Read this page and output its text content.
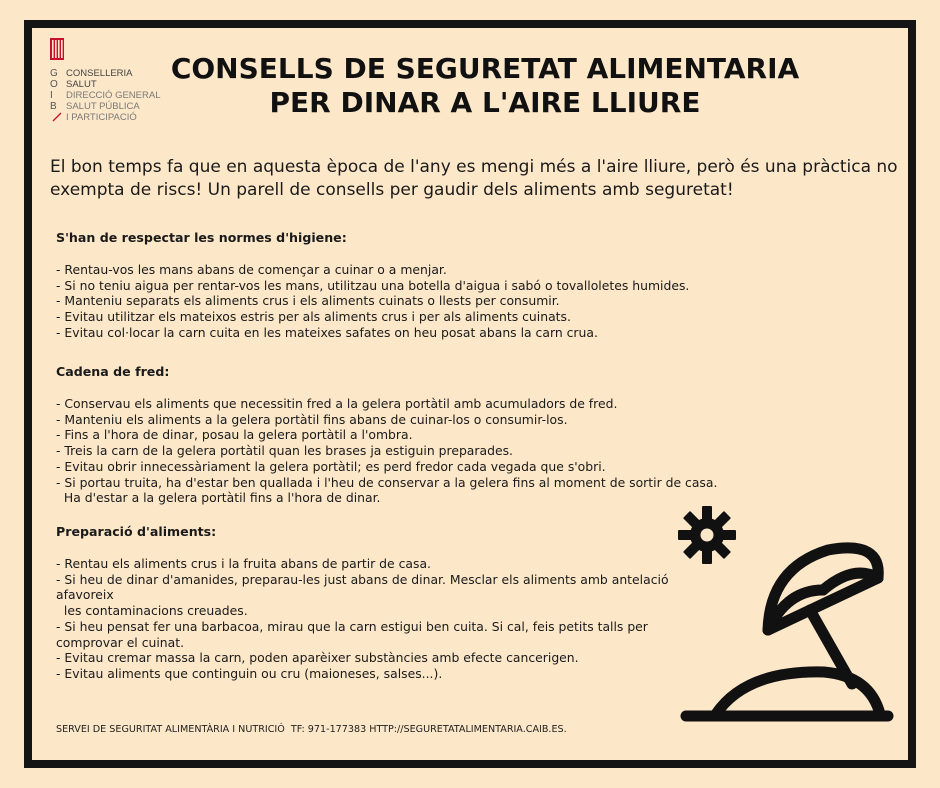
G
O
I
B
CONSELLERIA
SALUT
DIRECCIÓ GENERAL
SALUT PÚBLICA
I PARTICIPACIÓ
CONSELLS DE SEGURETAT ALIMENTARIA
PER DINAR A L'AIRE LLIURE

El bon temps fa que en aquesta època de l'any es mengi més a l'aire lliure, però és una pràctica no exempta de riscs! Un parell de consells per gaudir dels aliments amb seguretat!

S'han de respectar les normes d'higiene:
- Rentau-vos les mans abans de començar a cuinar o a menjar.
- Si no teniu aigua per rentar-vos les mans, utilitzau una botella d'aigua i sabó o tovalloletes humides.
- Manteniu separats els aliments crus i els aliments cuinats o llests per consumir.
- Evitau utilitzar els mateixos estris per als aliments crus i per als aliments cuinats.
- Evitau col·locar la carn cuita en les mateixes safates on heu posat abans la carn crua.
Cadena de fred:
- Conservau els aliments que necessitin fred a la gelera portàtil amb acumuladors de fred.
- Manteniu els aliments a la gelera portàtil fins abans de cuinar-los o consumir-los.
- Fins a l'hora de dinar, posau la gelera portàtil a l'ombra.
- Treis la carn de la gelera portàtil quan les brases ja estiguin preparades.
- Evitau obrir innecessàriament la gelera portàtil; es perd fredor cada vegada que s'obri.
- Si portau truita, ha d'estar ben quallada i l'heu de conservar a la gelera fins al moment de sortir de casa.
Ha d'estar a la gelera portàtil fins a l'hora de dinar.
Preparació d'aliments:
- Rentau els aliments crus i la fruita abans de partir de casa.
- Si heu de dinar d'amanides, preparau-les just abans de dinar. Mesclar els aliments amb antelació afavoreix
les contaminacions creuades.
- Si heu pensat fer una barbacoa, mirau que la carn estigui ben cuita. Si cal, feis petits talls per comprovar el cuinat.
- Evitau cremar massa la carn, poden aparèixer substàncies amb efecte cancerigen.
- Evitau aliments que continguin ou cru (maioneses, salses...).
SERVEI DE SEGURITAT ALIMENTÀRIA I NUTRICIÓ  TF: 971-177383 HTTP://SEGURETATALIMENTARIA.CAIB.ES.
